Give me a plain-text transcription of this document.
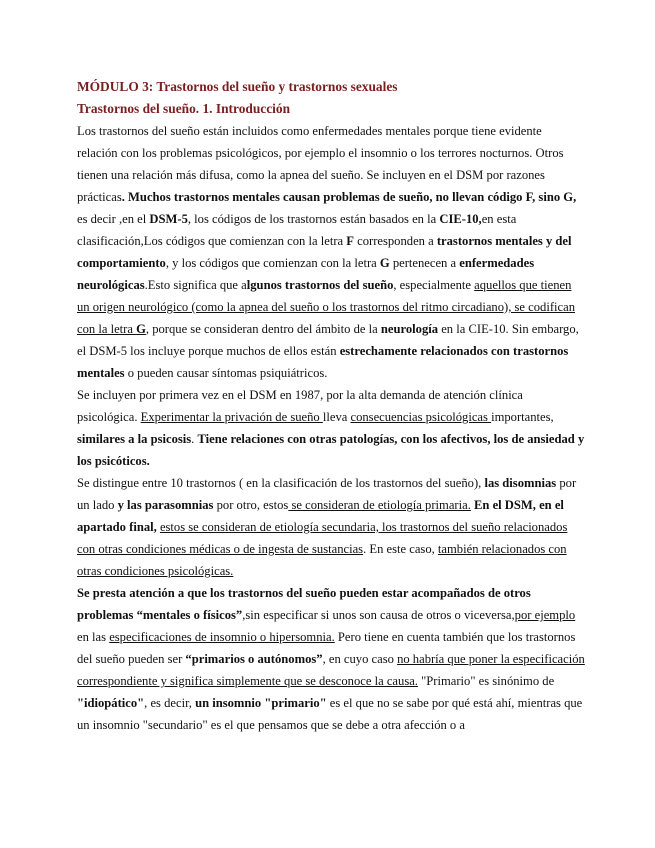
MÓDULO 3: Trastornos del sueño y trastornos sexuales
Trastornos del sueño. 1. Introducción

Los trastornos del sueño están incluidos como enfermedades mentales porque tiene evidente relación con los problemas psicológicos, por ejemplo el insomnio o los terrores nocturnos. Otros tienen una relación más difusa, como la apnea del sueño. Se incluyen en el DSM por razones prácticas. Muchos trastornos mentales causan problemas de sueño, no llevan código F, sino G, es decir ,en el DSM-5, los códigos de los trastornos están basados en la CIE-10,en esta clasificación,Los códigos que comienzan con la letra F corresponden a trastornos mentales y del comportamiento, y los códigos que comienzan con la letra G pertenecen a enfermedades neurológicas.Esto significa que algunos trastornos del sueño, especialmente aquellos que tienen un origen neurológico (como la apnea del sueño o los trastornos del ritmo circadiano), se codifican con la letra G, porque se consideran dentro del ámbito de la neurología en la CIE-10. Sin embargo, el DSM-5 los incluye porque muchos de ellos están estrechamente relacionados con trastornos mentales o pueden causar síntomas psiquiátricos.

Se incluyen por primera vez en el DSM en 1987, por la alta demanda de atención clínica psicológica. Experimentar la privación de sueño lleva consecuencias psicológicas importantes, similares a la psicosis. Tiene relaciones con otras patologías, con los afectivos, los de ansiedad y los psicóticos.

Se distingue entre 10 trastornos ( en la clasificación de los trastornos del sueño), las disomnias por un lado y las parasomnias por otro, estos se consideran de etiología primaria. En el DSM, en el apartado final, estos se consideran de etiología secundaria, los trastornos del sueño relacionados con otras condiciones médicas o de ingesta de sustancias. En este caso, también relacionados con otras condiciones psicológicas.

Se presta atención a que los trastornos del sueño pueden estar acompañados de otros problemas “mentales o físicos”,sin especificar si unos son causa de otros o viceversa,por ejemplo en las especificaciones de insomnio o hipersomnia. Pero tiene en cuenta también que los trastornos del sueño pueden ser “primarios o autónomos”, en cuyo caso no habría que poner la especificación correspondiente y significa simplemente que se desconoce la causa. "Primario" es sinónimo de "idiopático", es decir, un insomnio "primario" es el que no se sabe por qué está ahí, mientras que un insomnio "secundario" es el que pensamos que se debe a otra afección o a
